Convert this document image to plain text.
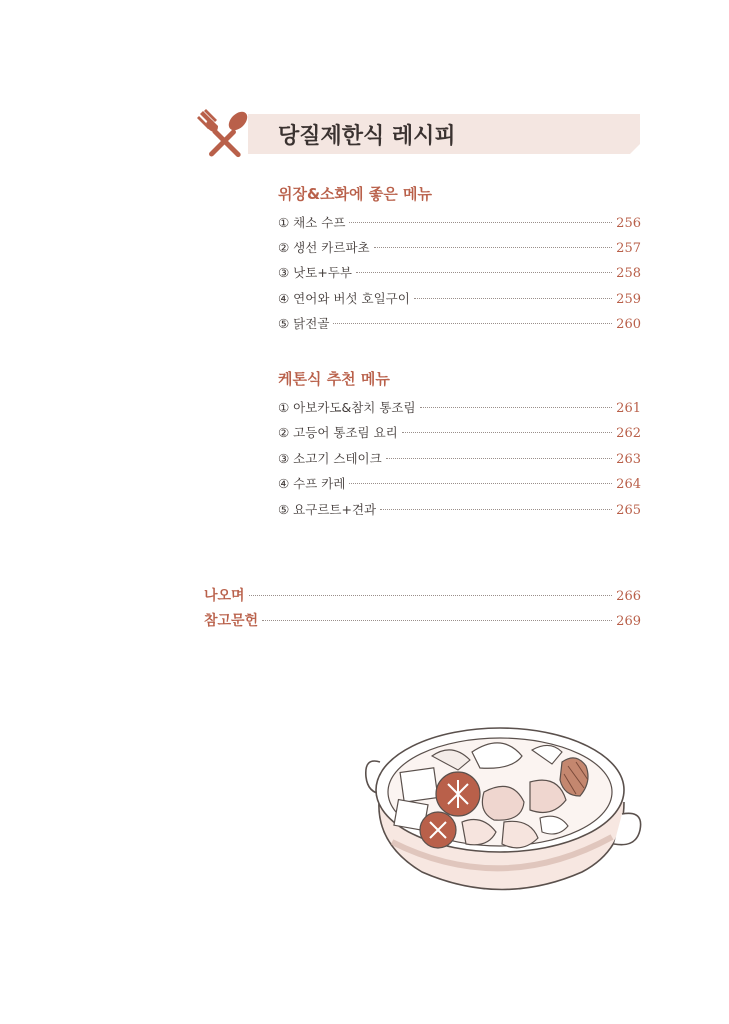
당질제한식 레시피
위장&소화에 좋은 메뉴
① 채소 수프	256
② 생선 카르파초	257
③ 낫토+두부	258
④ 연어와 버섯 호일구이	259
⑤ 닭전골	260
케톤식 추천 메뉴
① 아보카도&참치 통조림	261
② 고등어 통조림 요리	262
③ 소고기 스테이크	263
④ 수프 카레	264
⑤ 요구르트+견과	265
나오며	266
참고문헌	269
